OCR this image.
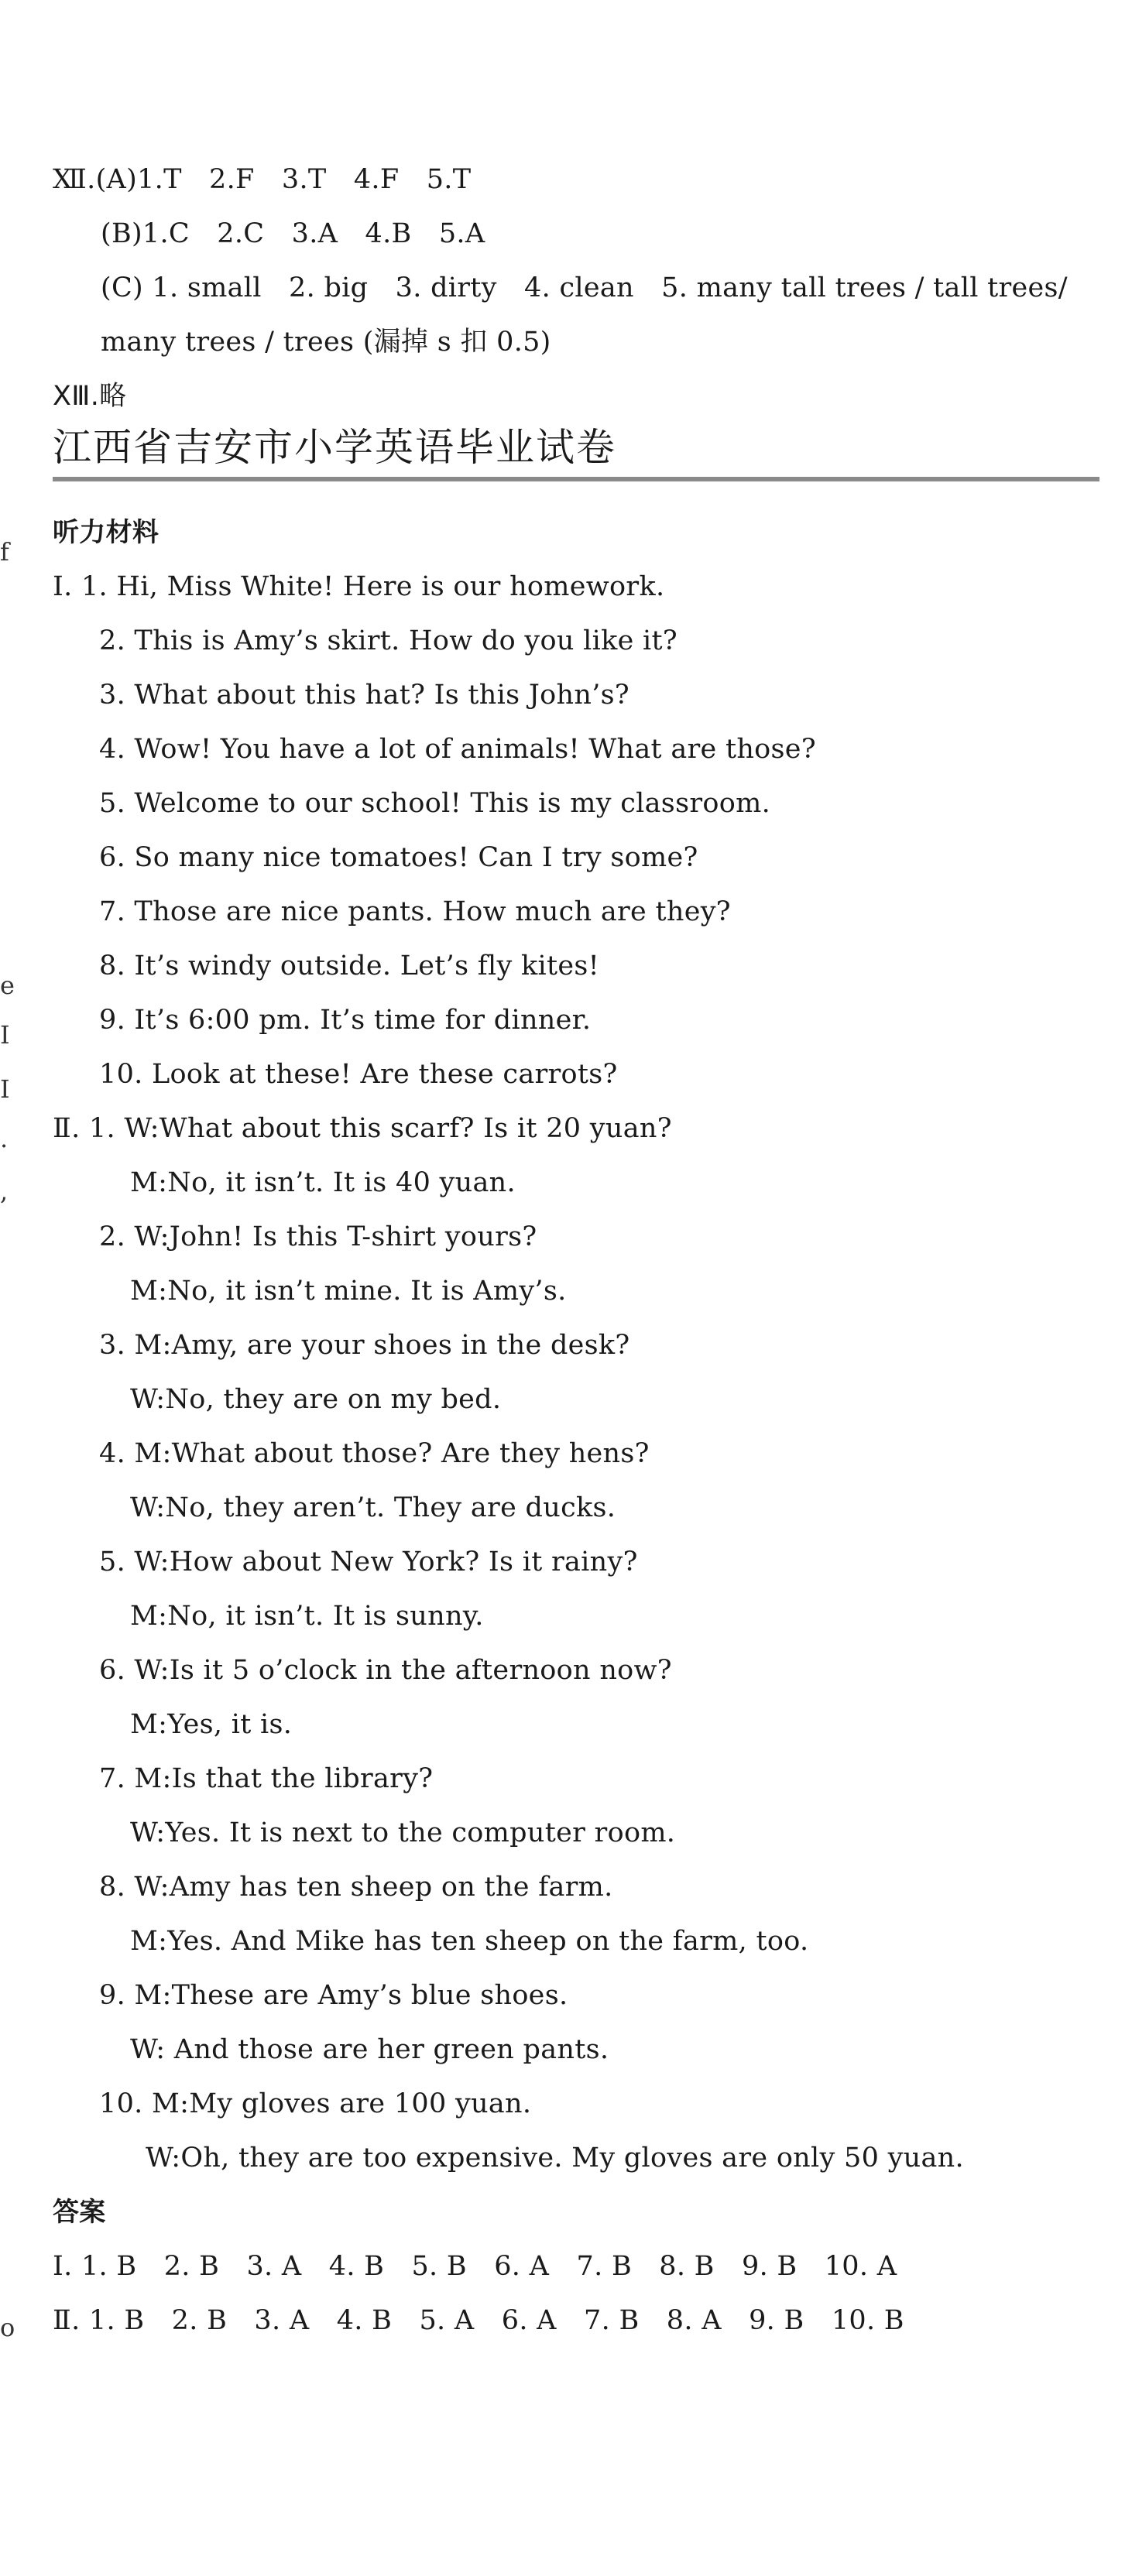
f
e
I
I
.
,
o
Ⅻ.(A)1.T　2.F　3.T　4.F　5.T
(B)1.C　2.C　3.A　4.B　5.A
(C) 1. small　2. big　3. dirty　4. clean　5. many tall trees / tall trees/
many trees / trees (漏掉 s 扣 0.5)
ⅩⅢ.略
江西省吉安市小学英语毕业试卷
听力材料
Ⅰ. 1. Hi, Miss White! Here is our homework.
2. This is Amy’s skirt. How do you like it?
3. What about this hat? Is this John’s?
4. Wow! You have a lot of animals! What are those?
5. Welcome to our school! This is my classroom.
6. So many nice tomatoes! Can I try some?
7. Those are nice pants. How much are they?
8. It’s windy outside. Let’s fly kites!
9. It’s 6:00 pm. It’s time for dinner.
10. Look at these! Are these carrots?
Ⅱ. 1. W:What about this scarf? Is it 20 yuan?
M:No, it isn’t. It is 40 yuan.
2. W:John! Is this T-shirt yours?
M:No, it isn’t mine. It is Amy’s.
3. M:Amy, are your shoes in the desk?
W:No, they are on my bed.
4. M:What about those? Are they hens?
W:No, they aren’t. They are ducks.
5. W:How about New York? Is it rainy?
M:No, it isn’t. It is sunny.
6. W:Is it 5 o’clock in the afternoon now?
M:Yes, it is.
7. M:Is that the library?
W:Yes. It is next to the computer room.
8. W:Amy has ten sheep on the farm.
M:Yes. And Mike has ten sheep on the farm, too.
9. M:These are Amy’s blue shoes.
W: And those are her green pants.
10. M:My gloves are 100 yuan.
W:Oh, they are too expensive. My gloves are only 50 yuan.
答案
Ⅰ. 1. B　2. B　3. A　4. B　5. B　6. A　7. B　8. B　9. B　10. A
Ⅱ. 1. B　2. B　3. A　4. B　5. A　6. A　7. B　8. A　9. B　10. B
